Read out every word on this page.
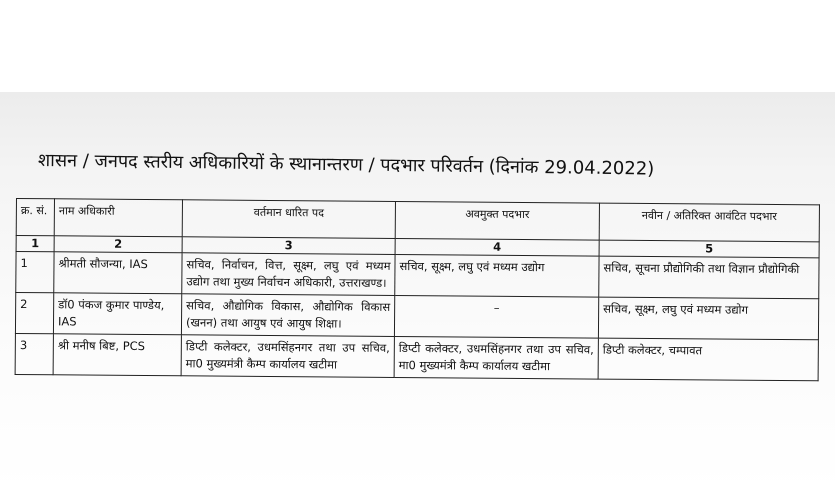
शासन / जनपद स्तरीय अधिकारियों के स्थानान्तरण / पदभार परिवर्तन (दिनांक 29.04.2022)
क्र. सं.	नाम अधिकारी	वर्तमान धारित पद	अवमुक्त पदभार	नवीन / अतिरिक्त आवंटित पदभार
1	2	3	4	5
1	श्रीमती सौजन्या, IAS	सचिव, निर्वाचन, वित्त, सूक्ष्म, लघु एवं मध्यम उद्योग तथा मुख्य निर्वाचन अधिकारी, उत्तराखण्ड।	सचिव, सूक्ष्म, लघु एवं मध्यम उद्योग	सचिव, सूचना प्रौद्योगिकी तथा विज्ञान प्रौद्योगिकी
2	डॉ0 पंकज कुमार पाण्डेय, IAS	सचिव, औद्योगिक विकास, औद्योगिक विकास (खनन) तथा आयुष एवं आयुष शिक्षा।	–	सचिव, सूक्ष्म, लघु एवं मध्यम उद्योग
3	श्री मनीष बिष्ट, PCS	डिप्टी कलेक्टर, उधमसिंहनगर तथा उप सचिव, मा0 मुख्यमंत्री कैम्प कार्यालय खटीमा	डिप्टी कलेक्टर, उधमसिंहनगर तथा उप सचिव, मा0 मुख्यमंत्री कैम्प कार्यालय खटीमा	डिप्टी कलेक्टर, चम्पावत
